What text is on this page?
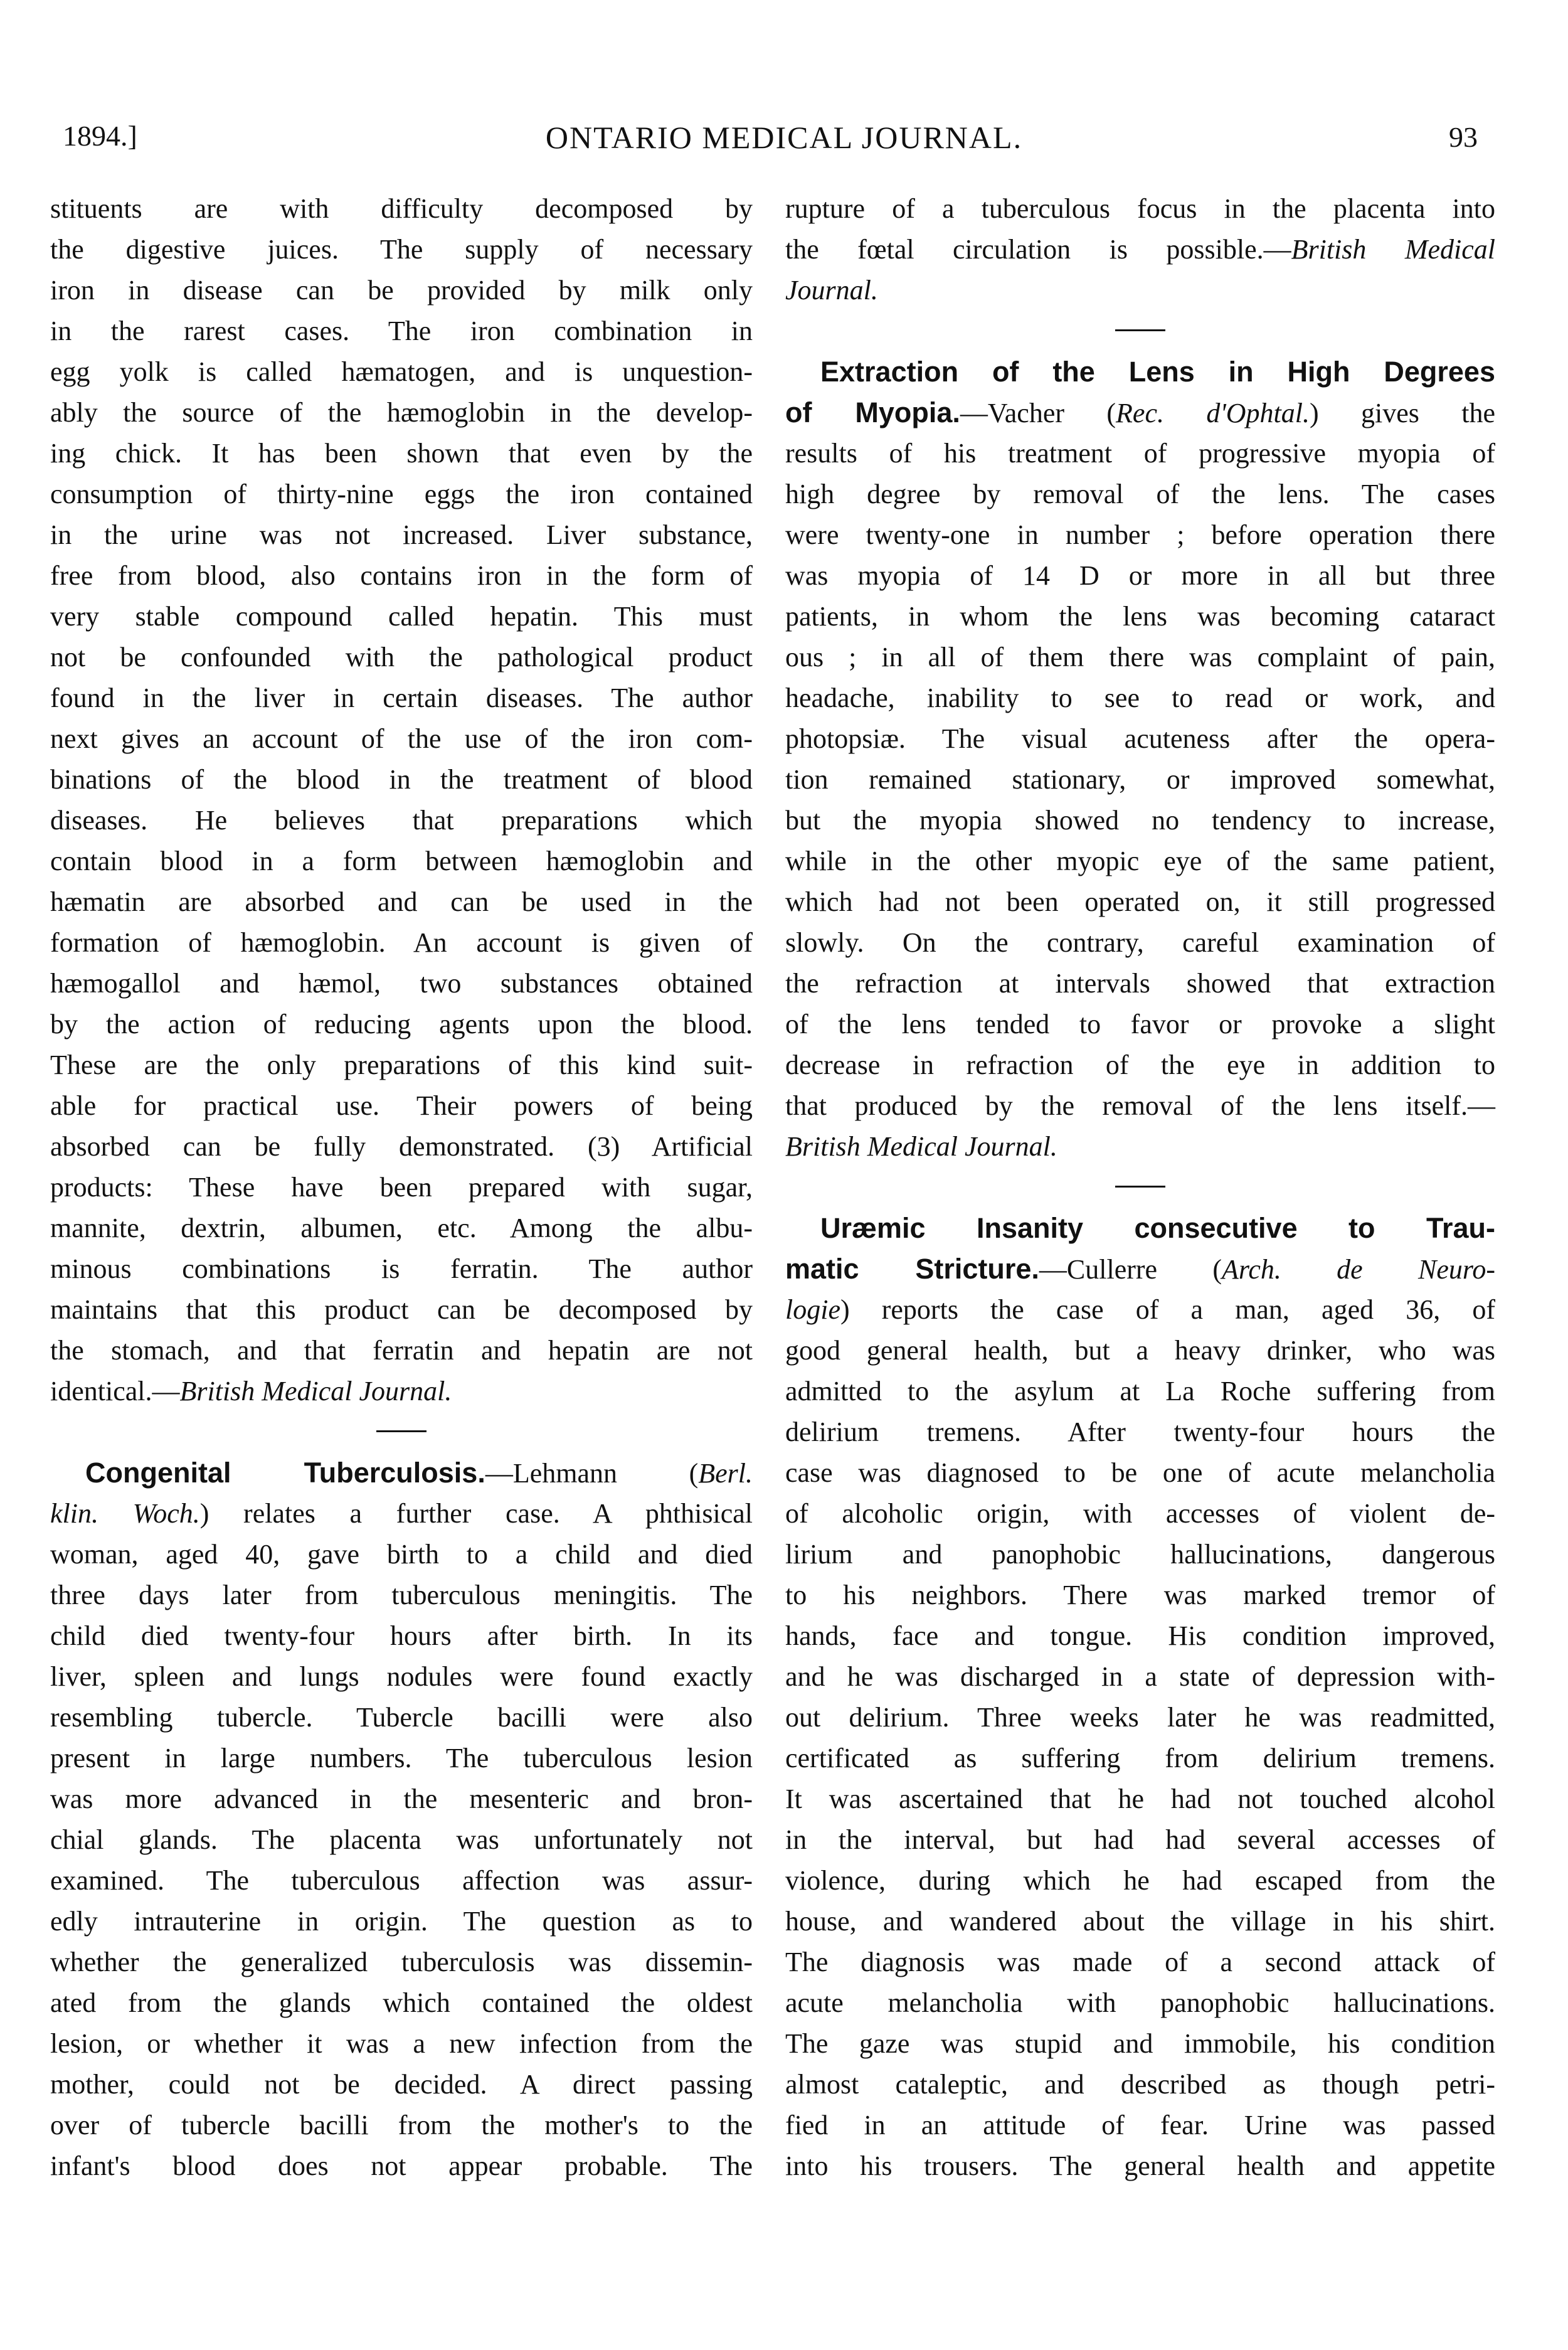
1894.]	ONTARIO MEDICAL JOURNAL.	93
stituents are with difficulty decomposed by
the digestive juices. The supply of necessary
iron in disease can be provided by milk only
in the rarest cases. The iron combination in
egg yolk is called hæmatogen, and is unquestion-
ably the source of the hæmoglobin in the develop-
ing chick. It has been shown that even by the
consumption of thirty-nine eggs the iron contained
in the urine was not increased. Liver substance,
free from blood, also contains iron in the form of
very stable compound called hepatin. This must
not be confounded with the pathological product
found in the liver in certain diseases. The author
next gives an account of the use of the iron com-
binations of the blood in the treatment of blood
diseases. He believes that preparations which
contain blood in a form between hæmoglobin and
hæmatin are absorbed and can be used in the
formation of hæmoglobin. An account is given of
hæmogallol and hæmol, two substances obtained
by the action of reducing agents upon the blood.
These are the only preparations of this kind suit-
able for practical use. Their powers of being
absorbed can be fully demonstrated. (3) Artificial
products: These have been prepared with sugar,
mannite, dextrin, albumen, etc. Among the albu-
minous combinations is ferratin. The author
maintains that this product can be decomposed by
the stomach, and that ferratin and hepatin are not
identical.—British Medical Journal.
Congenital Tuberculosis.—Lehmann (Berl.
klin. Woch.) relates a further case. A phthisical
woman, aged 40, gave birth to a child and died
three days later from tuberculous meningitis. The
child died twenty-four hours after birth. In its
liver, spleen and lungs nodules were found exactly
resembling tubercle. Tubercle bacilli were also
present in large numbers. The tuberculous lesion
was more advanced in the mesenteric and bron-
chial glands. The placenta was unfortunately not
examined. The tuberculous affection was assur-
edly intrauterine in origin. The question as to
whether the generalized tuberculosis was dissemin-
ated from the glands which contained the oldest
lesion, or whether it was a new infection from the
mother, could not be decided. A direct passing
over of tubercle bacilli from the mother's to the
infant's blood does not appear probable. The
rupture of a tuberculous focus in the placenta into
the fœtal circulation is possible.—British Medical
Journal.
Extraction of the Lens in High Degrees
of Myopia.—Vacher (Rec. d'Ophtal.) gives the
results of his treatment of progressive myopia of
high degree by removal of the lens. The cases
were twenty-one in number ; before operation there
was myopia of 14 D or more in all but three
patients, in whom the lens was becoming cataract
ous ; in all of them there was complaint of pain,
headache, inability to see to read or work, and
photopsiæ. The visual acuteness after the opera-
tion remained stationary, or improved somewhat,
but the myopia showed no tendency to increase,
while in the other myopic eye of the same patient,
which had not been operated on, it still progressed
slowly. On the contrary, careful examination of
the refraction at intervals showed that extraction
of the lens tended to favor or provoke a slight
decrease in refraction of the eye in addition to
that produced by the removal of the lens itself.—
British Medical Journal.
Uræmic Insanity consecutive to Trau-
matic Stricture.—Cullerre (Arch. de Neuro-
logie) reports the case of a man, aged 36, of
good general health, but a heavy drinker, who was
admitted to the asylum at La Roche suffering from
delirium tremens. After twenty-four hours the
case was diagnosed to be one of acute melancholia
of alcoholic origin, with accesses of violent de-
lirium and panophobic hallucinations, dangerous
to his neighbors. There was marked tremor of
hands, face and tongue. His condition improved,
and he was discharged in a state of depression with-
out delirium. Three weeks later he was readmitted,
certificated as suffering from delirium tremens.
It was ascertained that he had not touched alcohol
in the interval, but had had several accesses of
violence, during which he had escaped from the
house, and wandered about the village in his shirt.
The diagnosis was made of a second attack of
acute melancholia with panophobic hallucinations.
The gaze was stupid and immobile, his condition
almost cataleptic, and described as though petri-
fied in an attitude of fear. Urine was passed
into his trousers. The general health and appetite
